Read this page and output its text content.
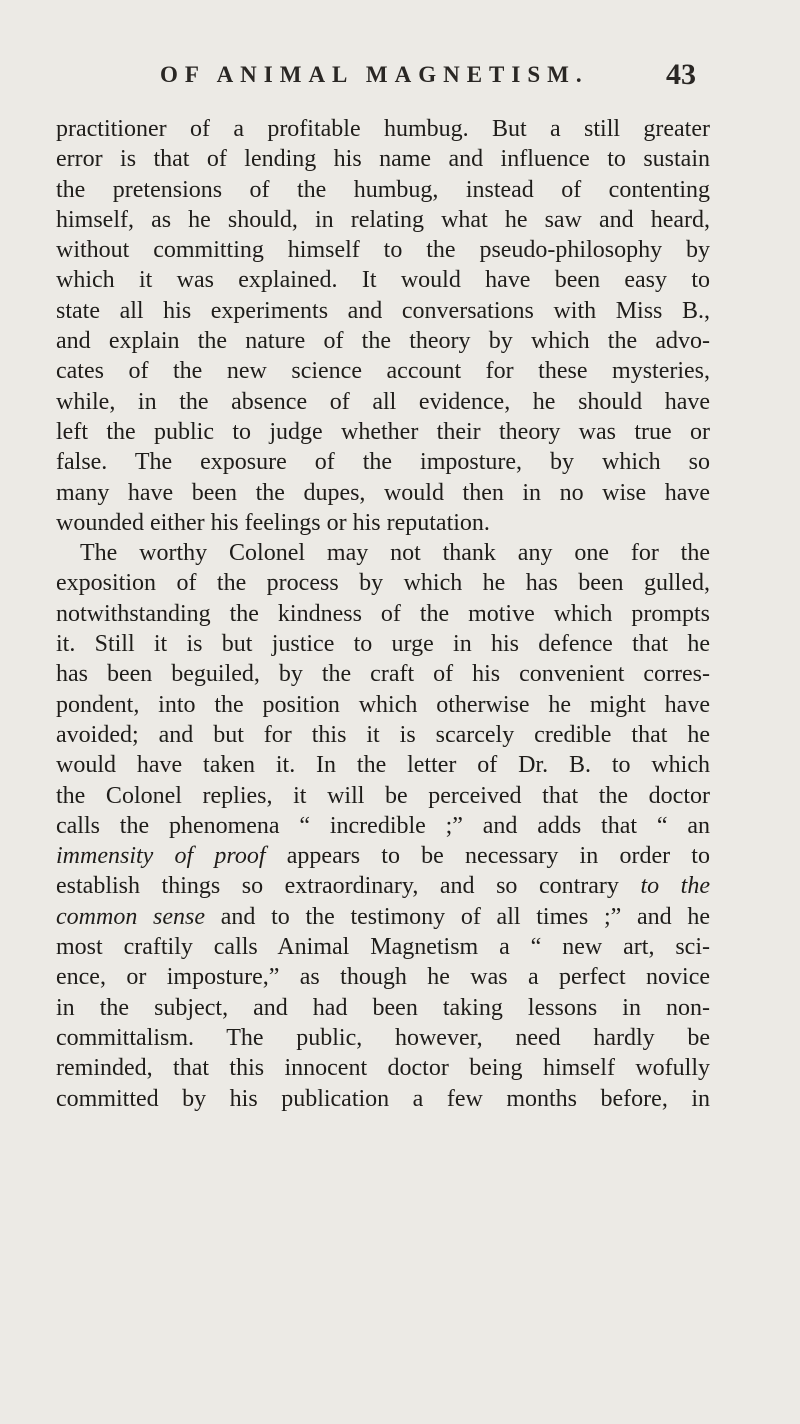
OF ANIMAL MAGNETISM.	43
practitioner of a profitable humbug. But a still greater
error is that of lending his name and influence to sustain
the pretensions of the humbug, instead of contenting
himself, as he should, in relating what he saw and heard,
without committing himself to the pseudo-philosophy by
which it was explained. It would have been easy to
state all his experiments and conversations with Miss B.,
and explain the nature of the theory by which the advo-
cates of the new science account for these mysteries,
while, in the absence of all evidence, he should have
left the public to judge whether their theory was true or
false. The exposure of the imposture, by which so
many have been the dupes, would then in no wise have
wounded either his feelings or his reputation.
The worthy Colonel may not thank any one for the
exposition of the process by which he has been gulled,
notwithstanding the kindness of the motive which prompts
it. Still it is but justice to urge in his defence that he
has been beguiled, by the craft of his convenient corres-
pondent, into the position which otherwise he might have
avoided; and but for this it is scarcely credible that he
would have taken it. In the letter of Dr. B. to which
the Colonel replies, it will be perceived that the doctor
calls the phenomena “ incredible ;” and adds that “ an
immensity of proof appears to be necessary in order to
establish things so extraordinary, and so contrary to the
common sense and to the testimony of all times ;” and he
most craftily calls Animal Magnetism a “ new art, sci-
ence, or imposture,” as though he was a perfect novice
in the subject, and had been taking lessons in non-
committalism. The public, however, need hardly be
reminded, that this innocent doctor being himself wofully
committed by his publication a few months before, in
